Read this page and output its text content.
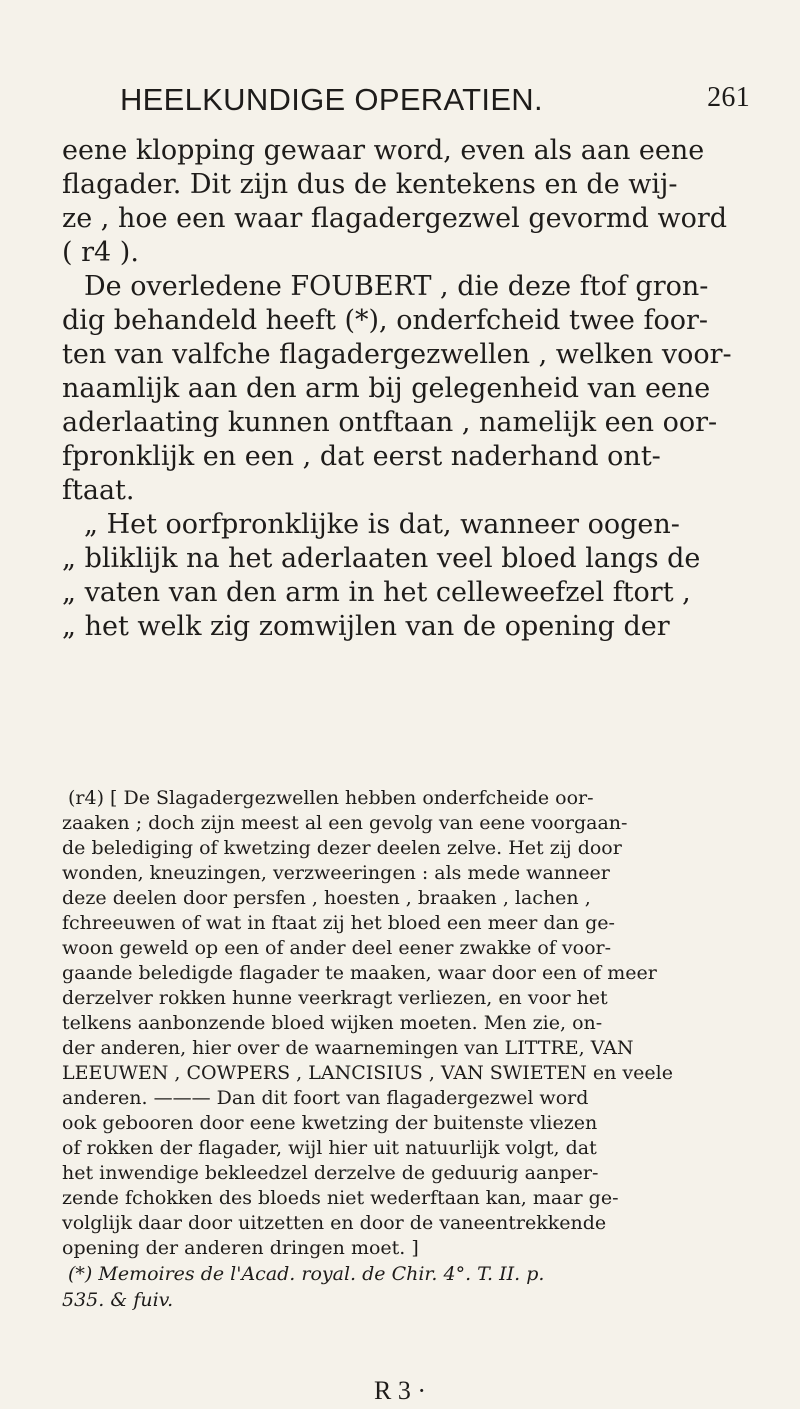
HEELKUNDIGE OPERATIEN.	261
eene klopping gewaar word, even als aan eene
flagader. Dit zijn dus de kentekens en de wij-
ze , hoe een waar flagadergezwel gevormd word
( r4 ).
De overledene FOUBERT , die deze ftof gron-
dig behandeld heeft (*), onderfcheid twee foor-
ten van valfche flagadergezwellen , welken voor-
naamlijk aan den arm bij gelegenheid van eene
aderlaating kunnen ontftaan , namelijk een oor-
fpronklijk en een , dat eerst naderhand ont-
ftaat.
„ Het oorfpronklijke is dat, wanneer oogen-
„ bliklijk na het aderlaaten veel bloed langs de
„ vaten van den arm in het celleweefzel ftort ,
„ het welk zig zomwijlen van de opening der
(r4) [ De Slagadergezwellen hebben onderfcheide oor-
zaaken ; doch zijn meest al een gevolg van eene voorgaan-
de belediging of kwetzing dezer deelen zelve. Het zij door
wonden, kneuzingen, verzweeringen : als mede wanneer
deze deelen door persfen , hoesten , braaken , lachen ,
fchreeuwen of wat in ftaat zij het bloed een meer dan ge-
woon geweld op een of ander deel eener zwakke of voor-
gaande beledigde flagader te maaken, waar door een of meer
derzelver rokken hunne veerkragt verliezen, en voor het
telkens aanbonzende bloed wijken moeten. Men zie, on-
der anderen, hier over de waarnemingen van LITTRE, VAN
LEEUWEN , COWPERS , LANCISIUS , VAN SWIETEN en veele
anderen. ——— Dan dit foort van flagadergezwel word
ook gebooren door eene kwetzing der buitenste vliezen
of rokken der flagader, wijl hier uit natuurlijk volgt, dat
het inwendige bekleedzel derzelve de geduurig aanper-
zende fchokken des bloeds niet wederftaan kan, maar ge-
volglijk daar door uitzetten en door de vaneentrekkende
opening der anderen dringen moet. ]
(*) Memoires de l'Acad. royal. de Chir. 4°. T. II. p.
535. & fuiv.
R 3 ·
